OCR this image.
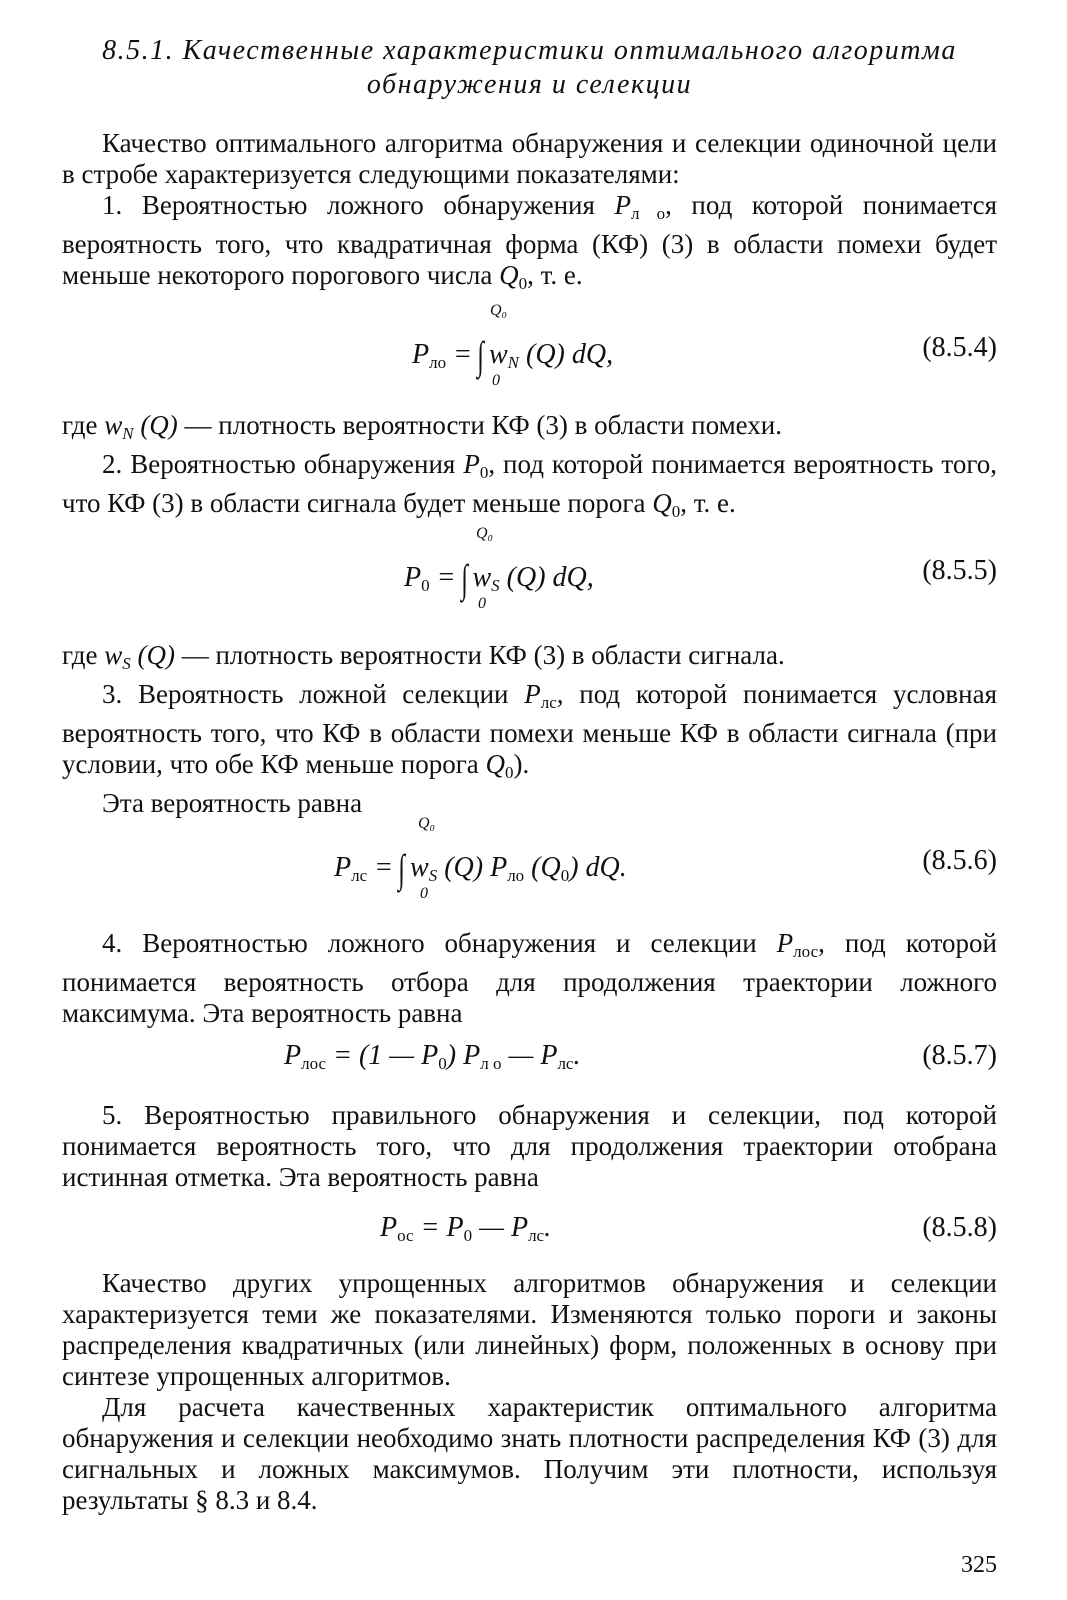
8.5.1. Качественные характеристики оптимального алгоритма
обнаружения и селекции

Качество оптимального алгоритма обнаружения и селекции одиночной цели в стробе характеризуется следующими показателями:

1. Вероятностью ложного обнаружения $P_{л о}$, под которой понимается вероятность того, что квадратичная форма (КФ) (3) в области помехи будет меньше некоторого порогового числа $Q_0$, т. е.

$P_{ло}$ = ∫ $w_N$ (Q) dQ,
Q₀
0
(8.5.4)

где $w_N$ (Q) — плотность вероятности КФ (3) в области помехи.

2. Вероятностью обнаружения $P_0$, под которой понимается вероятность того, что КФ (3) в области сигнала будет меньше порога $Q_0$, т. е.

$P_0$ = ∫ $w_S$ (Q) dQ,
Q₀
0
(8.5.5)

где $w_S$ (Q) — плотность вероятности КФ (3) в области сигнала.

3. Вероятность ложной селекции $P_{лс}$, под которой понимается условная вероятность того, что КФ в области помехи меньше КФ в области сигнала (при условии, что обе КФ меньше порога $Q_0$).

Эта вероятность равна

$P_{лс}$ = ∫ $w_S$ (Q) $P_{ло}$ $(Q_0)$ dQ.
Q₀
0
(8.5.6)

4. Вероятностью ложного обнаружения и селекции $P_{лос}$, под которой понимается вероятность отбора для продолжения траектории ложного максимума. Эта вероятность равна

$P_{лос} = (1$ — $P_0$) $P_{л о}$ — $P_{лс}$.	(8.5.7)

5. Вероятностью правильного обнаружения и селекции, под которой понимается вероятность того, что для продолжения траектории отобрана истинная отметка. Эта вероятность равна

$P_{ос} = P_0$ — $P_{лс}$.	(8.5.8)

Качество других упрощенных алгоритмов обнаружения и селекции характеризуется теми же показателями. Изменяются только пороги и законы распределения квадратичных (или линейных) форм, положенных в основу при синтезе упрощенных алгоритмов.

Для расчета качественных характеристик оптимального алгоритма обнаружения и селекции необходимо знать плотности распределения КФ (3) для сигнальных и ложных максимумов. Получим эти плотности, используя результаты § 8.3 и 8.4.

325
